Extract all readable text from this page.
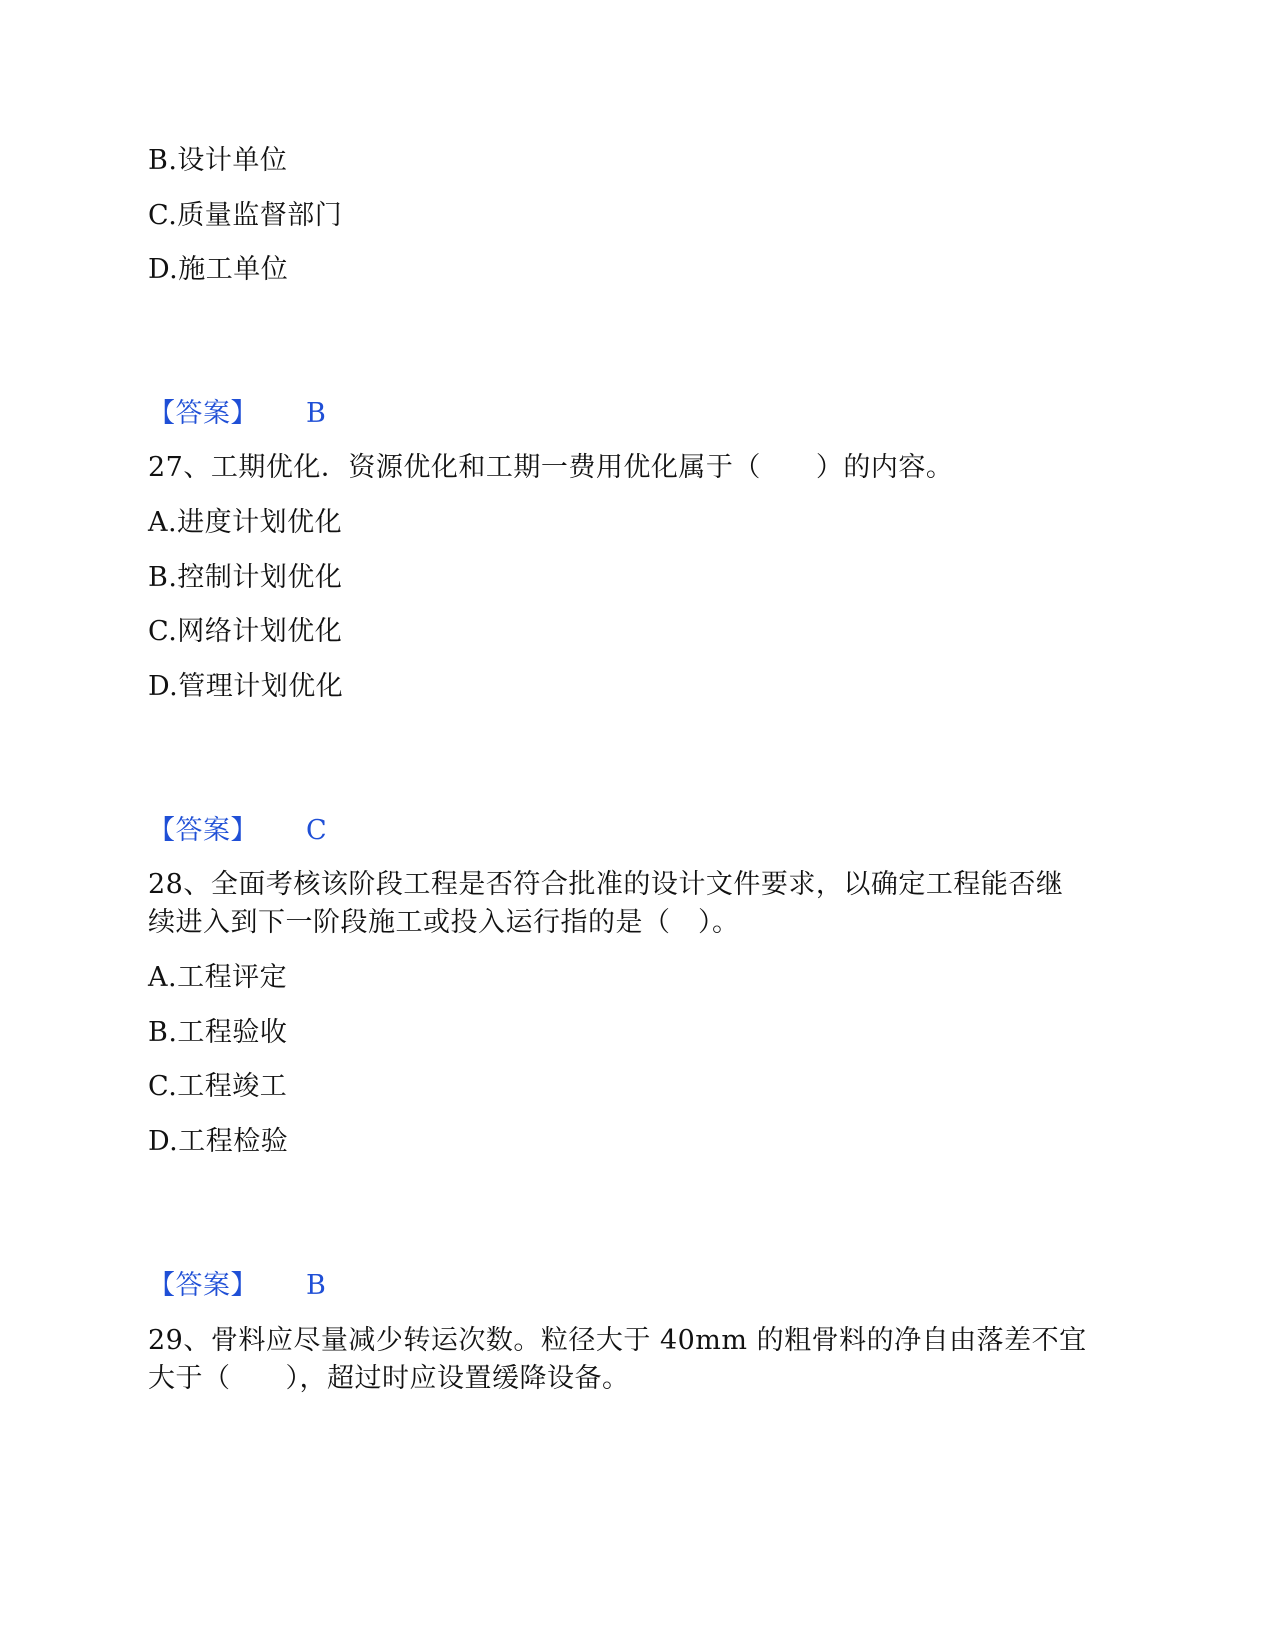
B.设计单位
C.质量监督部门
D.施工单位
【答案】 B
27、工期优化．资源优化和工期一费用优化属于（　　）的内容。
A.进度计划优化
B.控制计划优化
C.网络计划优化
D.管理计划优化
【答案】 C
28、全面考核该阶段工程是否符合批准的设计文件要求，以确定工程能否继
续进入到下一阶段施工或投入运行指的是（　）。
A.工程评定
B.工程验收
C.工程竣工
D.工程检验
【答案】 B
29、骨料应尽量减少转运次数。粒径大于 40mm 的粗骨料的净自由落差不宜
大于（　　），超过时应设置缓降设备。
